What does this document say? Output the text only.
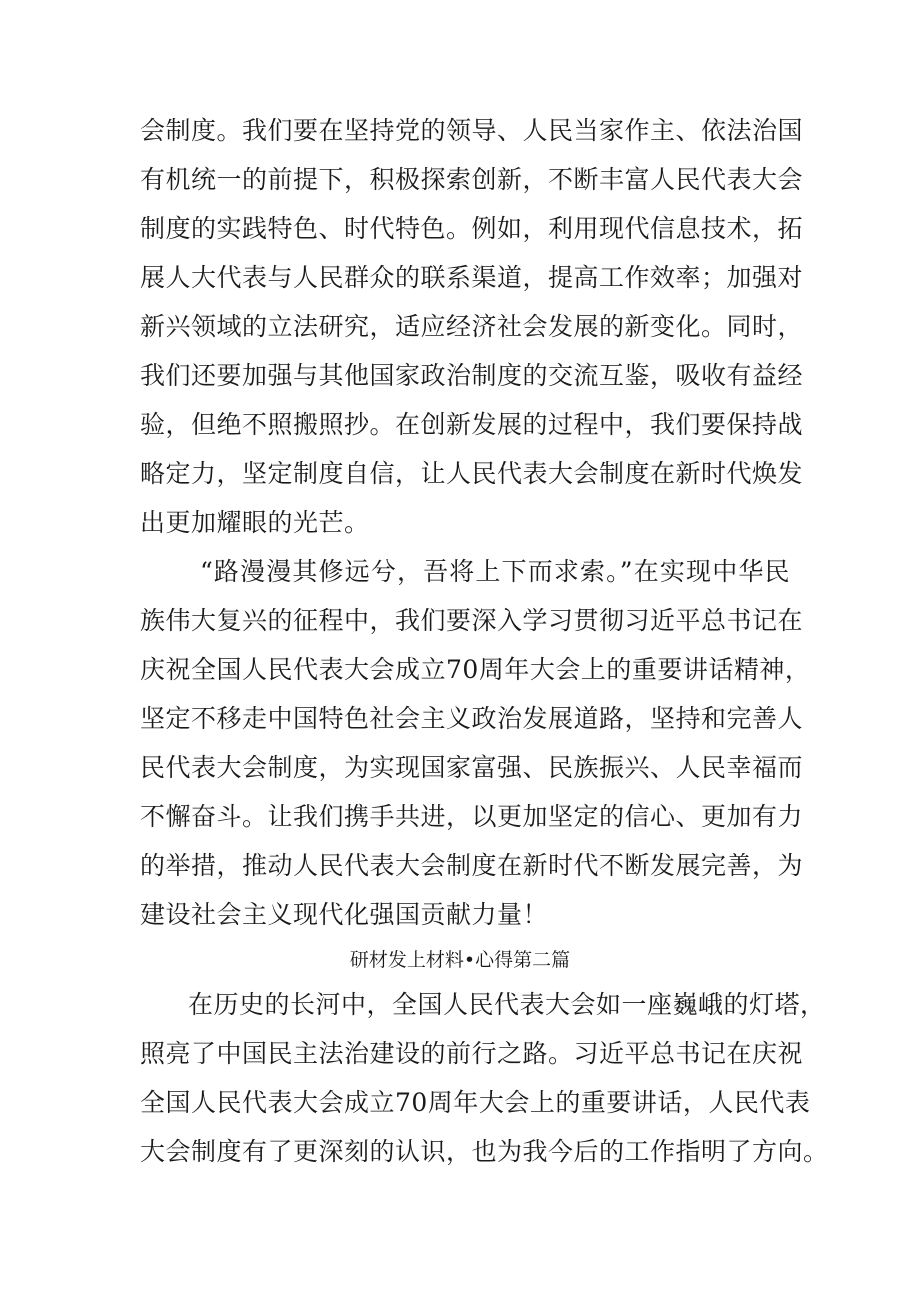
会制度。我们要在坚持党的领导、人民当家作主、依法治国
有机统一的前提下，积极探索创新，不断丰富人民代表大会
制度的实践特色、时代特色。例如，利用现代信息技术，拓
展人大代表与人民群众的联系渠道，提高工作效率；加强对
新兴领域的立法研究，适应经济社会发展的新变化。同时，
我们还要加强与其他国家政治制度的交流互鉴，吸收有益经
验，但绝不照搬照抄。在创新发展的过程中，我们要保持战
略定力，坚定制度自信，让人民代表大会制度在新时代焕发
出更加耀眼的光芒。
“路漫漫其修远兮，吾将上下而求索。”在实现中华民
族伟大复兴的征程中，我们要深入学习贯彻习近平总书记在
庆祝全国人民代表大会成立70周年大会上的重要讲话精神，
坚定不移走中国特色社会主义政治发展道路，坚持和完善人
民代表大会制度，为实现国家富强、民族振兴、人民幸福而
不懈奋斗。让我们携手共进，以更加坚定的信心、更加有力
的举措，推动人民代表大会制度在新时代不断发展完善，为
建设社会主义现代化强国贡献力量！
研材发上材料•心得第二篇
在历史的长河中，全国人民代表大会如一座巍峨的灯塔，
照亮了中国民主法治建设的前行之路。习近平总书记在庆祝
全国人民代表大会成立70周年大会上的重要讲话，人民代表
大会制度有了更深刻的认识，也为我今后的工作指明了方向。
